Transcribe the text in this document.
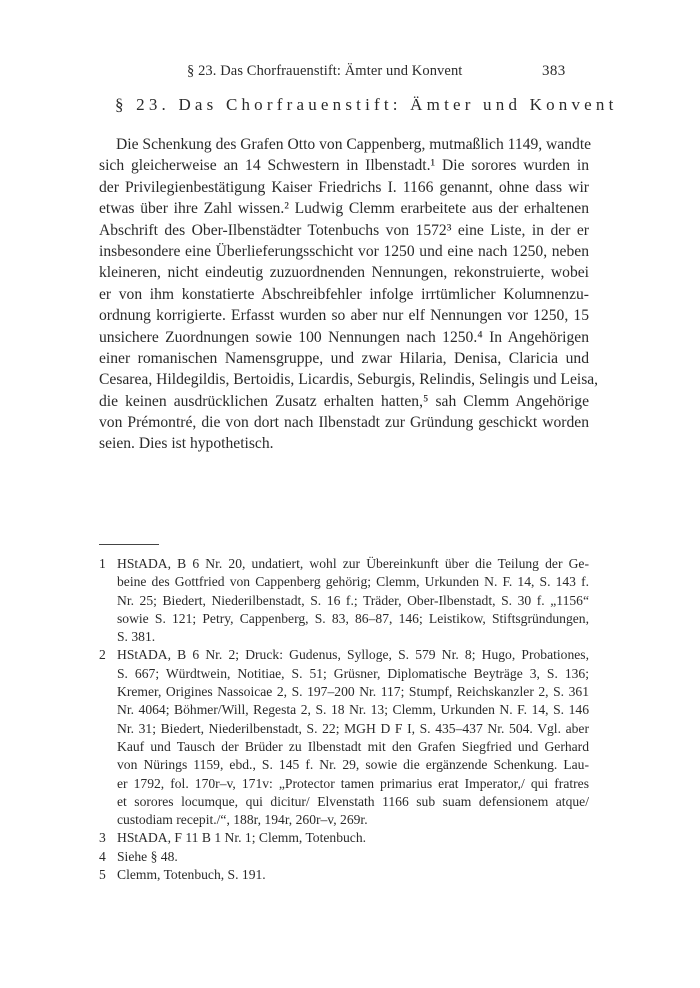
§ 23. Das Chorfrauenstift: Ämter und Konvent	383
§ 23. Das Chorfrauenstift: Ämter und Konvent
Die Schenkung des Grafen Otto von Cappenberg, mutmaßlich 1149, wandte
sich gleicherweise an 14 Schwestern in Ilbenstadt.¹ Die sorores wurden in
der Privilegienbestätigung Kaiser Friedrichs I. 1166 genannt, ohne dass wir
etwas über ihre Zahl wissen.² Ludwig Clemm erarbeitete aus der erhaltenen
Abschrift des Ober-Ilbenstädter Totenbuchs von 1572³ eine Liste, in der er
insbesondere eine Überlieferungsschicht vor 1250 und eine nach 1250, neben
kleineren, nicht eindeutig zuzuordnenden Nennungen, rekonstruierte, wobei
er von ihm konstatierte Abschreibfehler infolge irrtümlicher Kolumnenzu-
ordnung korrigierte. Erfasst wurden so aber nur elf Nennungen vor 1250, 15
unsichere Zuordnungen sowie 100 Nennungen nach 1250.⁴ In Angehörigen
einer romanischen Namensgruppe, und zwar Hilaria, Denisa, Claricia und
Cesarea, Hildegildis, Bertoidis, Licardis, Seburgis, Relindis, Selingis und Leisa,
die keinen ausdrücklichen Zusatz erhalten hatten,⁵ sah Clemm Angehörige
von Prémontré, die von dort nach Ilbenstadt zur Gründung geschickt worden
seien. Dies ist hypothetisch.
1 HStADA, B 6 Nr. 20, undatiert, wohl zur Übereinkunft über die Teilung der Ge-
beine des Gottfried von Cappenberg gehörig; Clemm, Urkunden N. F. 14, S. 143 f.
Nr. 25; Biedert, Niederilbenstadt, S. 16 f.; Träder, Ober-Ilbenstadt, S. 30 f. „1156“
sowie S. 121; Petry, Cappenberg, S. 83, 86–87, 146; Leistikow, Stiftsgründungen,
S. 381.
2 HStADA, B 6 Nr. 2; Druck: Gudenus, Sylloge, S. 579 Nr. 8; Hugo, Probationes,
S. 667; Würdtwein, Notitiae, S. 51; Grüsner, Diplomatische Beyträge 3, S. 136;
Kremer, Origines Nassoicae 2, S. 197–200 Nr. 117; Stumpf, Reichskanzler 2, S. 361
Nr. 4064; Böhmer/Will, Regesta 2, S. 18 Nr. 13; Clemm, Urkunden N. F. 14, S. 146
Nr. 31; Biedert, Niederilbenstadt, S. 22; MGH D F I, S. 435–437 Nr. 504. Vgl. aber
Kauf und Tausch der Brüder zu Ilbenstadt mit den Grafen Siegfried und Gerhard
von Nürings 1159, ebd., S. 145 f. Nr. 29, sowie die ergänzende Schenkung. Lau-
er 1792, fol. 170r–v, 171v: „Protector tamen primarius erat Imperator,/ qui fratres
et sorores locumque, qui dicitur/ Elvenstath 1166 sub suam defensionem atque/
custodiam recepit./“, 188r, 194r, 260r–v, 269r.
3 HStADA, F 11 B 1 Nr. 1; Clemm, Totenbuch.
4 Siehe § 48.
5 Clemm, Totenbuch, S. 191.
